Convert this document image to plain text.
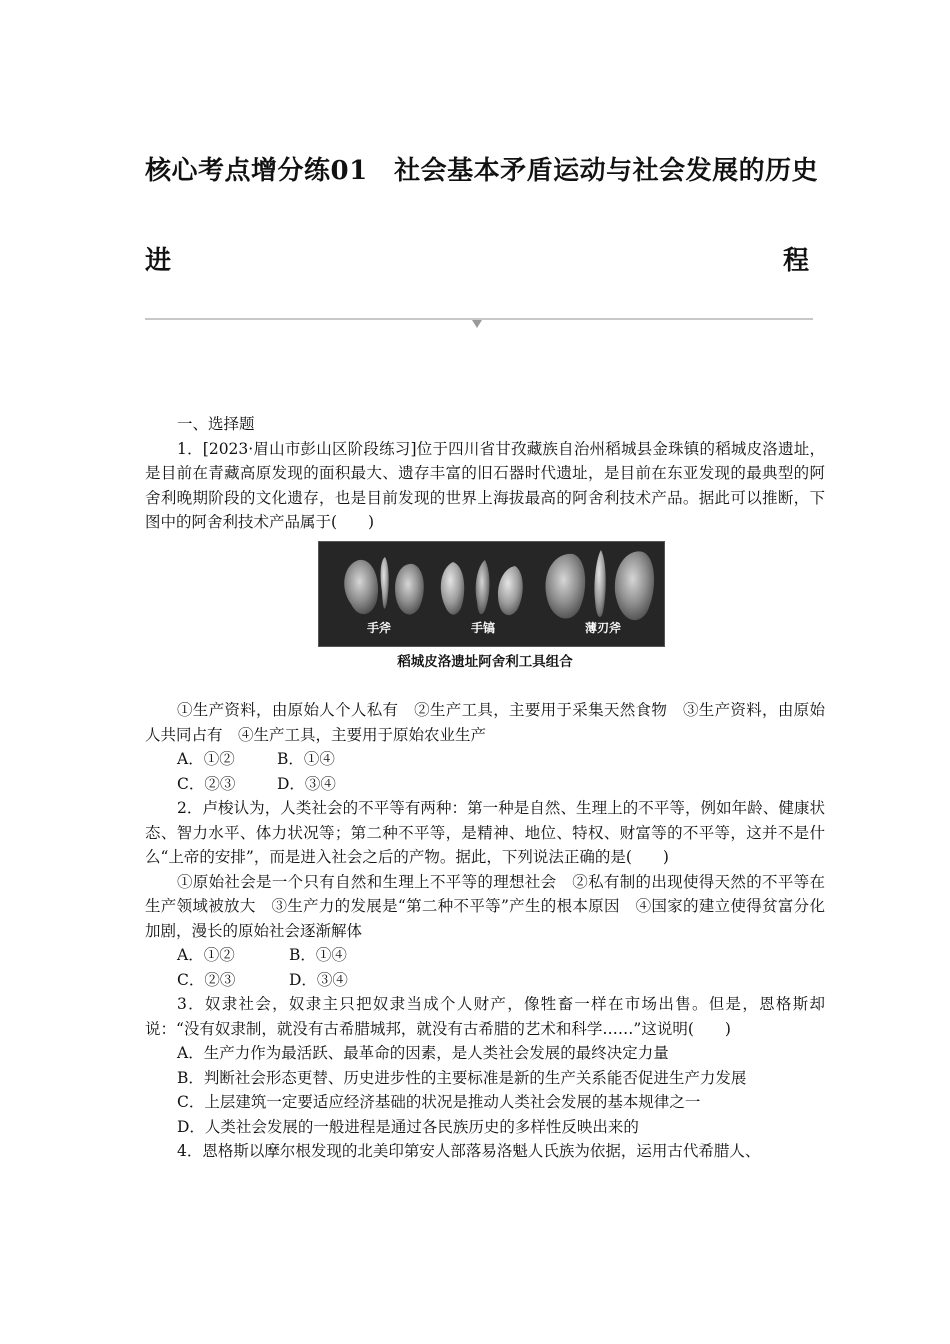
核心考点增分练01　社会基本矛盾运动与社会发展的历史
进	程
一、选择题

1．[2023·眉山市彭山区阶段练习]位于四川省甘孜藏族自治州稻城县金珠镇的稻城皮洛遗址，是目前在青藏高原发现的面积最大、遗存丰富的旧石器时代遗址，是目前在东亚发现的最典型的阿舍利晚期阶段的文化遗存，也是目前发现的世界上海拔最高的阿舍利技术产品。据此可以推断，下图中的阿舍利技术产品属于(　　)

手斧	手镐	薄刃斧
稻城皮洛遗址阿舍利工具组合

①生产资料，由原始人个人私有　②生产工具，主要用于采集天然食物　③生产资料，由原始人共同占有　④生产工具，主要用于原始农业生产

A．①②	B．①④
C．②③	D．③④

2．卢梭认为，人类社会的不平等有两种：第一种是自然、生理上的不平等，例如年龄、健康状态、智力水平、体力状况等；第二种不平等，是精神、地位、特权、财富等的不平等，这并不是什么“上帝的安排”，而是进入社会之后的产物。据此，下列说法正确的是(　　)

①原始社会是一个只有自然和生理上不平等的理想社会　②私有制的出现使得天然的不平等在生产领域被放大　③生产力的发展是“第二种不平等”产生的根本原因　④国家的建立使得贫富分化加剧，漫长的原始社会逐渐解体

A．①②	B．①④
C．②③	D．③④

3．奴隶社会，奴隶主只把奴隶当成个人财产，像牲畜一样在市场出售。但是，恩格斯却说：“没有奴隶制，就没有古希腊城邦，就没有古希腊的艺术和科学……”这说明(　　)

A．生产力作为最活跃、最革命的因素，是人类社会发展的最终决定力量
B．判断社会形态更替、历史进步性的主要标准是新的生产关系能否促进生产力发展
C．上层建筑一定要适应经济基础的状况是推动人类社会发展的基本规律之一
D．人类社会发展的一般进程是通过各民族历史的多样性反映出来的

4．恩格斯以摩尔根发现的北美印第安人部落易洛魁人氏族为依据，运用古代希腊人、
